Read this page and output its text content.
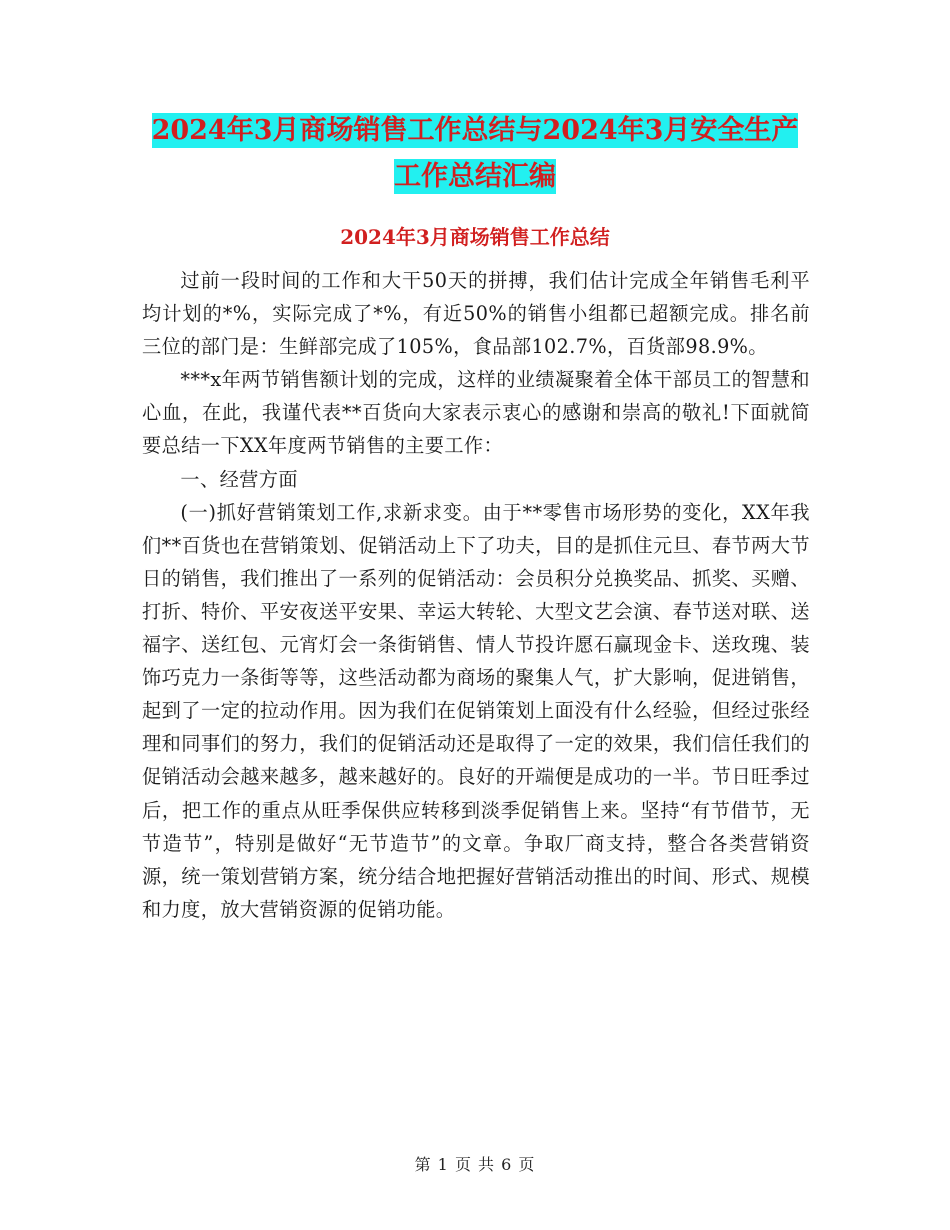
2024年3月商场销售工作总结与2024年3月安全生产
工作总结汇编
2024年3月商场销售工作总结

过前一段时间的工作和大干50天的拼搏，我们估计完成全年销售毛利平均计划的*%，实际完成了*%，有近50%的销售小组都已超额完成。排名前三位的部门是：生鲜部完成了105%，食品部102.7%，百货部98.9%。

***x年两节销售额计划的完成，这样的业绩凝聚着全体干部员工的智慧和心血，在此，我谨代表**百货向大家表示衷心的感谢和崇高的敬礼!下面就简要总结一下XX年度两节销售的主要工作：

一、经营方面

(一)抓好营销策划工作,求新求变。由于**零售市场形势的变化，XX年我们**百货也在营销策划、促销活动上下了功夫，目的是抓住元旦、春节两大节日的销售，我们推出了一系列的促销活动：会员积分兑换奖品、抓奖、买赠、打折、特价、平安夜送平安果、幸运大转轮、大型文艺会演、春节送对联、送福字、送红包、元宵灯会一条街销售、情人节投许愿石赢现金卡、送玫瑰、装饰巧克力一条街等等，这些活动都为商场的聚集人气，扩大影响，促进销售，起到了一定的拉动作用。因为我们在促销策划上面没有什么经验，但经过张经理和同事们的努力，我们的促销活动还是取得了一定的效果，我们信任我们的促销活动会越来越多，越来越好的。良好的开端便是成功的一半。节日旺季过后，把工作的重点从旺季保供应转移到淡季促销售上来。坚持“有节借节，无节造节”，特别是做好“无节造节”的文章。争取厂商支持，整合各类营销资源，统一策划营销方案，统分结合地把握好营销活动推出的时间、形式、规模和力度，放大营销资源的促销功能。

第 1 页 共 6 页
